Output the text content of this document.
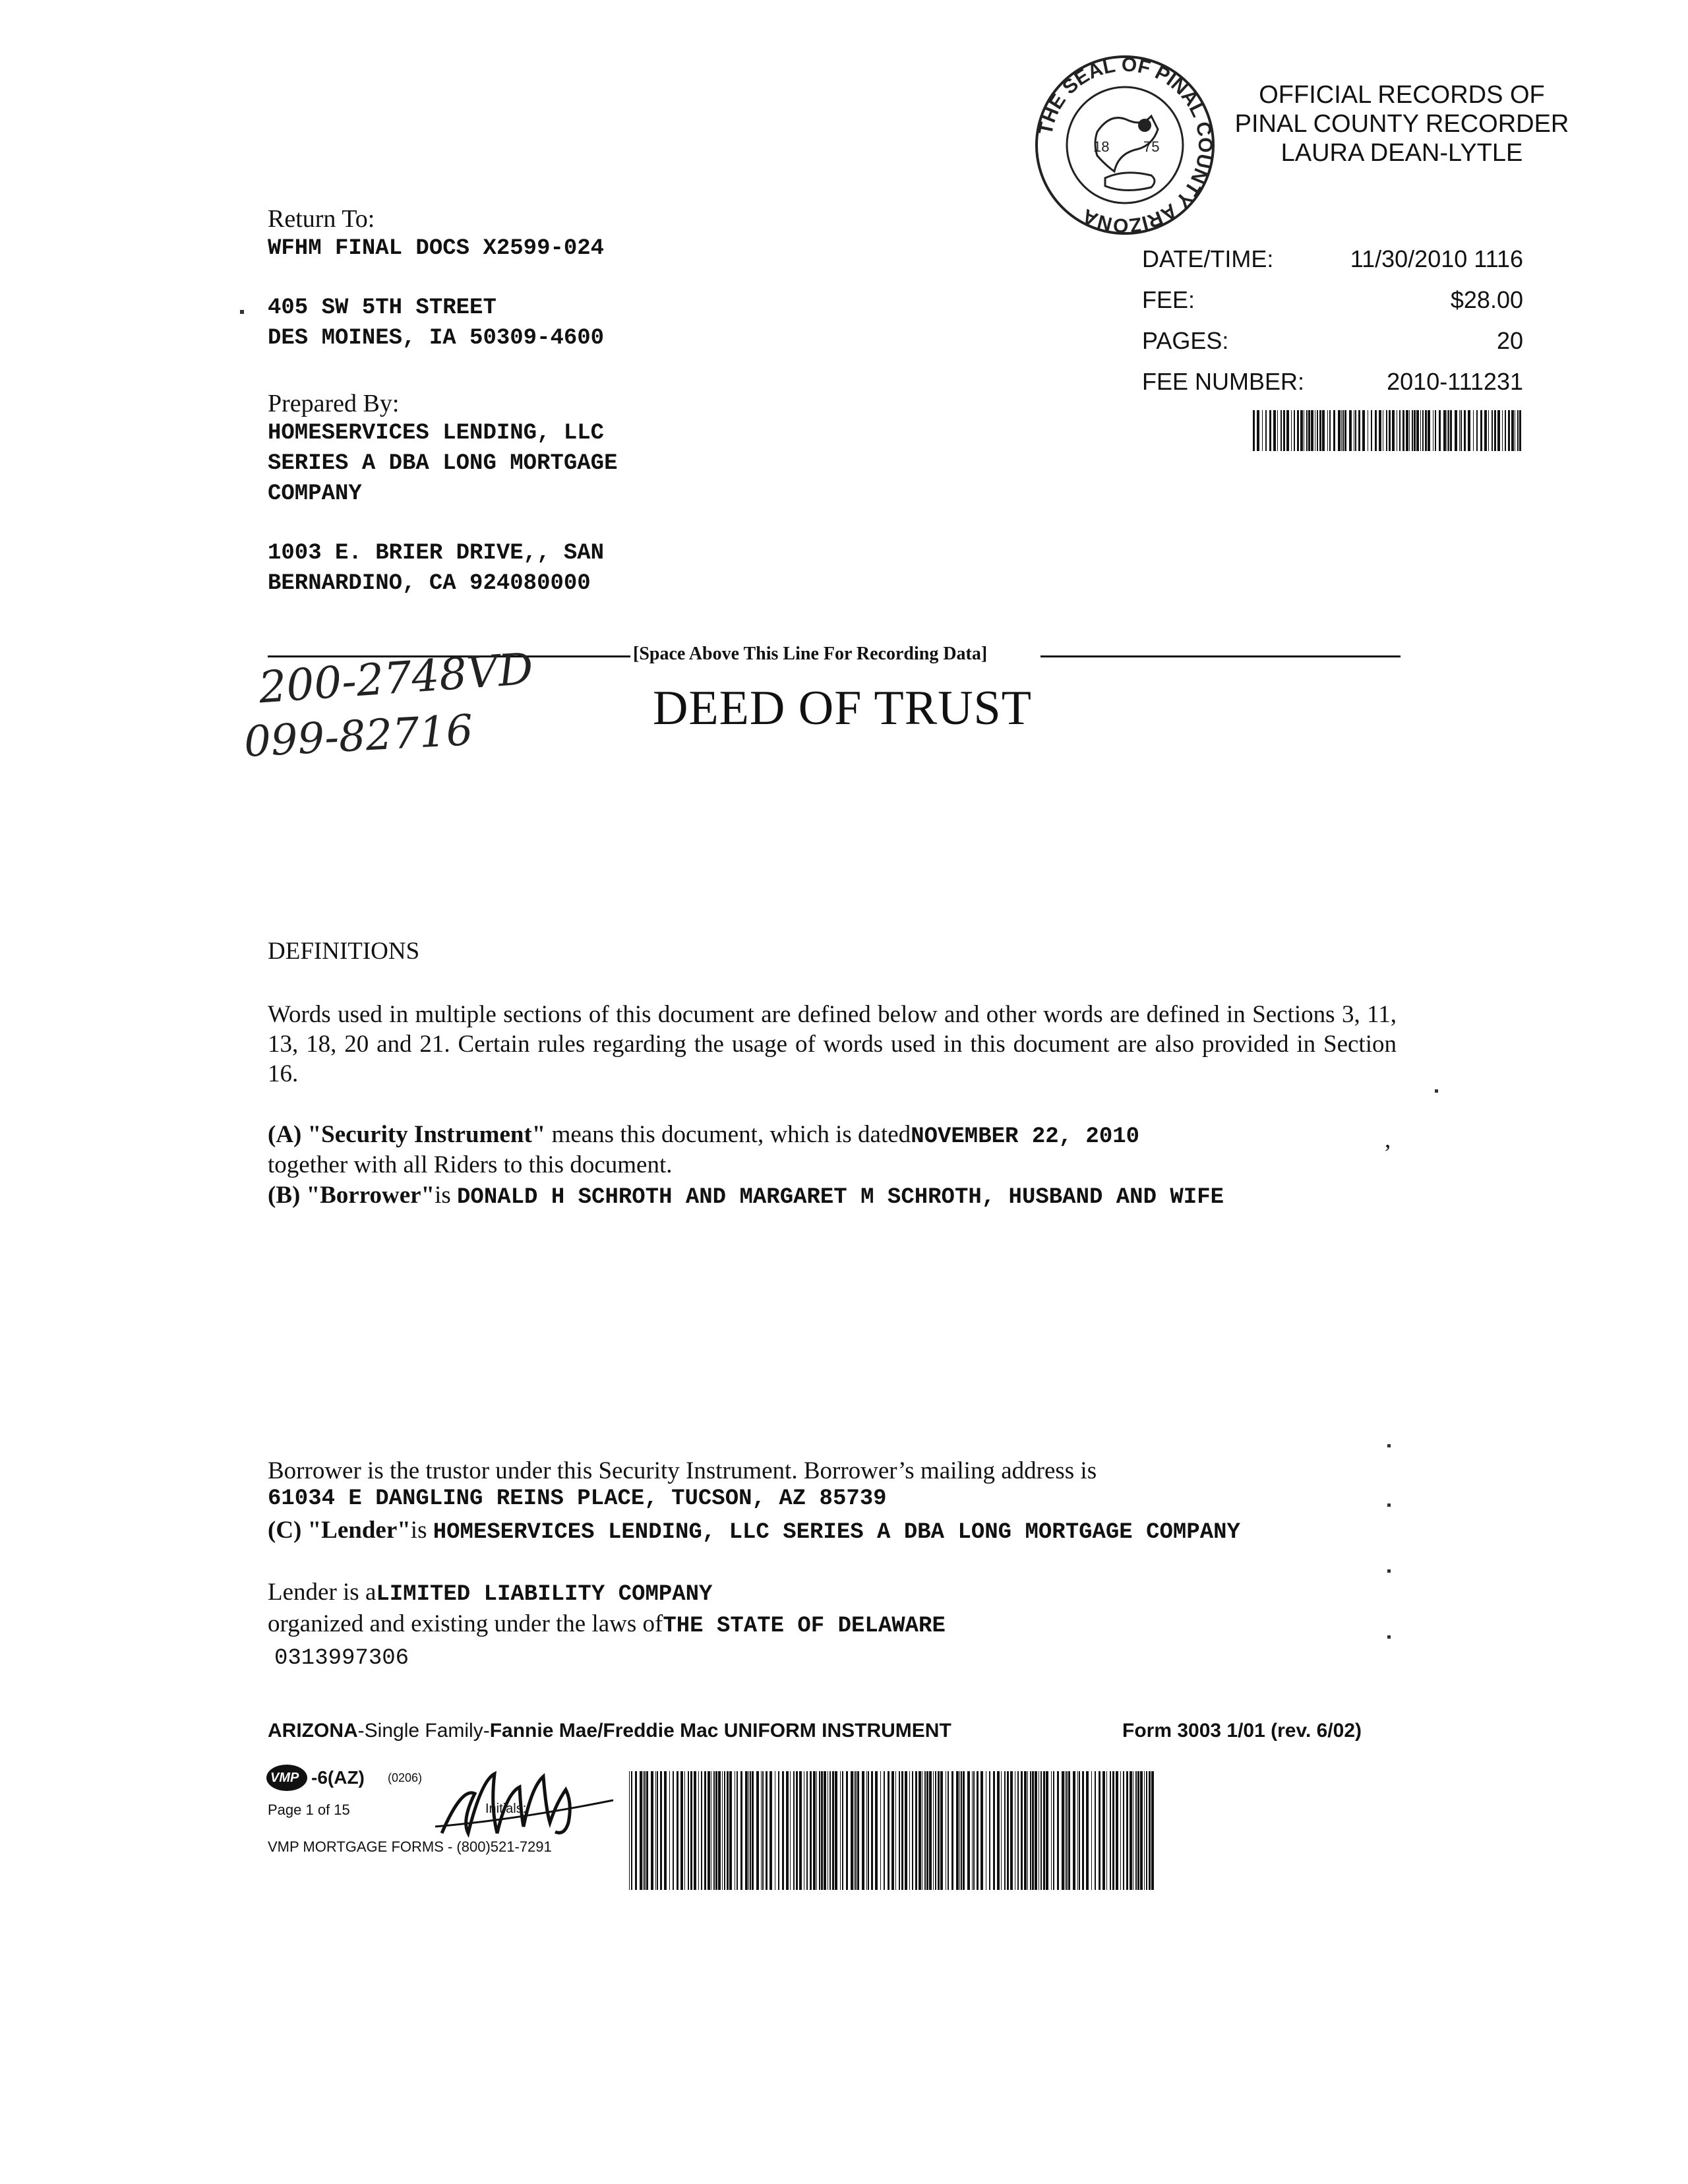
THE SEAL OF PINAL COUNTY ARIZONA
18 75
OFFICIAL RECORDS OF
PINAL COUNTY RECORDER
LAURA DEAN-LYTLE
DATE/TIME:	11/30/2010 1116
FEE:	$28.00
PAGES:	20
FEE NUMBER:	2010-111231
Return To:
WFHM FINAL DOCS X2599-024
405 SW 5TH STREET
DES MOINES, IA 50309-4600
Prepared By:
HOMESERVICES LENDING, LLC
SERIES A DBA LONG MORTGAGE
COMPANY
1003 E. BRIER DRIVE,, SAN
BERNARDINO, CA 924080000
[Space Above This Line For Recording Data]
200-2748VD
099-82716	DEED OF TRUST
DEFINITIONS
Words used in multiple sections of this document are defined below and other words are defined in Sections 3, 11, 13, 18, 20 and 21. Certain rules regarding the usage of words used in this document are also provided in Section 16.
(A) "Security Instrument" means this document, which is datedNOVEMBER 22, 2010	,
together with all Riders to this document.
(B) "Borrower"is DONALD H SCHROTH AND MARGARET M SCHROTH, HUSBAND AND WIFE
Borrower is the trustor under this Security Instrument. Borrower’s mailing address is
61034 E DANGLING REINS PLACE, TUCSON, AZ 85739
(C) "Lender"is HOMESERVICES LENDING, LLC SERIES A DBA LONG MORTGAGE COMPANY
Lender is aLIMITED LIABILITY COMPANY
organized and existing under the laws ofTHE STATE OF DELAWARE
0313997306
ARIZONA-Single Family-Fannie Mae/Freddie Mac UNIFORM INSTRUMENT	Form 3003 1/01 (rev. 6/02)
VMP -6(AZ) (0206)
Page 1 of 15	Initials:
VMP MORTGAGE FORMS - (800)521-7291
